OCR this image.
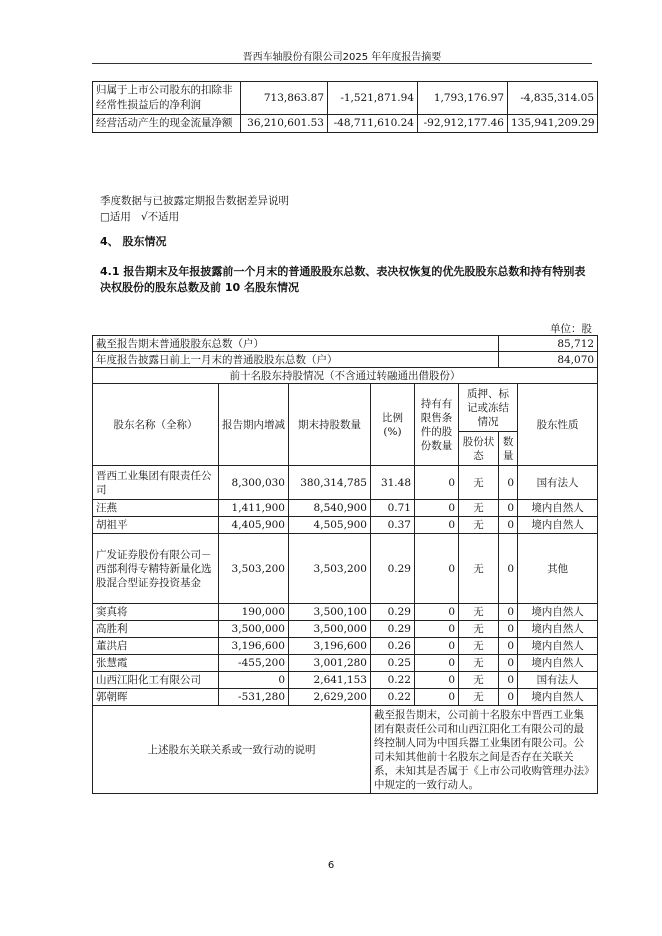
晋西车轴股份有限公司2025 年年度报告摘要
归属于上市公司股东的扣除非经常性损益后的净利润	713,863.87	-1,521,871.94	1,793,176.97	-4,835,314.05
经营活动产生的现金流量净额	36,210,601.53	-48,711,610.24	-92,912,177.46	135,941,209.29
季度数据与已披露定期报告数据差异说明
□适用 √不适用
4、 股东情况
4.1 报告期末及年报披露前一个月末的普通股股东总数、表决权恢复的优先股股东总数和持有特别表决权股份的股东总数及前 10 名股东情况
单位：股
截至报告期末普通股股东总数（户）						85,712	
年度报告披露日前上一月末的普通股股东总数（户）						84,070	
前十名股东持股情况（不含通过转融通出借股份）							
股东名称（全称）	报告期内增减	期末持股数量	比例(%)	持有有限售条件的股份数量	质押、标记或冻结情况		股东性质
					股份状态	数量	
晋西工业集团有限责任公司	8,300,030	380,314,785	31.48	0	无	0	国有法人
汪燕	1,411,900	8,540,900	0.71	0	无	0	境内自然人
胡祖平	4,405,900	4,505,900	0.37	0	无	0	境内自然人
广发证券股份有限公司－西部利得专精特新量化选股混合型证券投资基金	3,503,200	3,503,200	0.29	0	无	0	其他
窦真将	190,000	3,500,100	0.29	0	无	0	境内自然人
高胜利	3,500,000	3,500,000	0.29	0	无	0	境内自然人
董洪启	3,196,600	3,196,600	0.26	0	无	0	境内自然人
张慧霞	-455,200	3,001,280	0.25	0	无	0	境内自然人
山西江阳化工有限公司	0	2,641,153	0.22	0	无	0	国有法人
郭朝晖	-531,280	2,629,200	0.22	0	无	0	境内自然人
上述股东关联关系或一致行动的说明			截至报告期末，公司前十名股东中晋西工业集团有限责任公司和山西江阳化工有限公司的最终控制人同为中国兵器工业集团有限公司。公司未知其他前十名股东之间是否存在关联关系，未知其是否属于《上市公司收购管理办法》中规定的一致行动人。				
6
